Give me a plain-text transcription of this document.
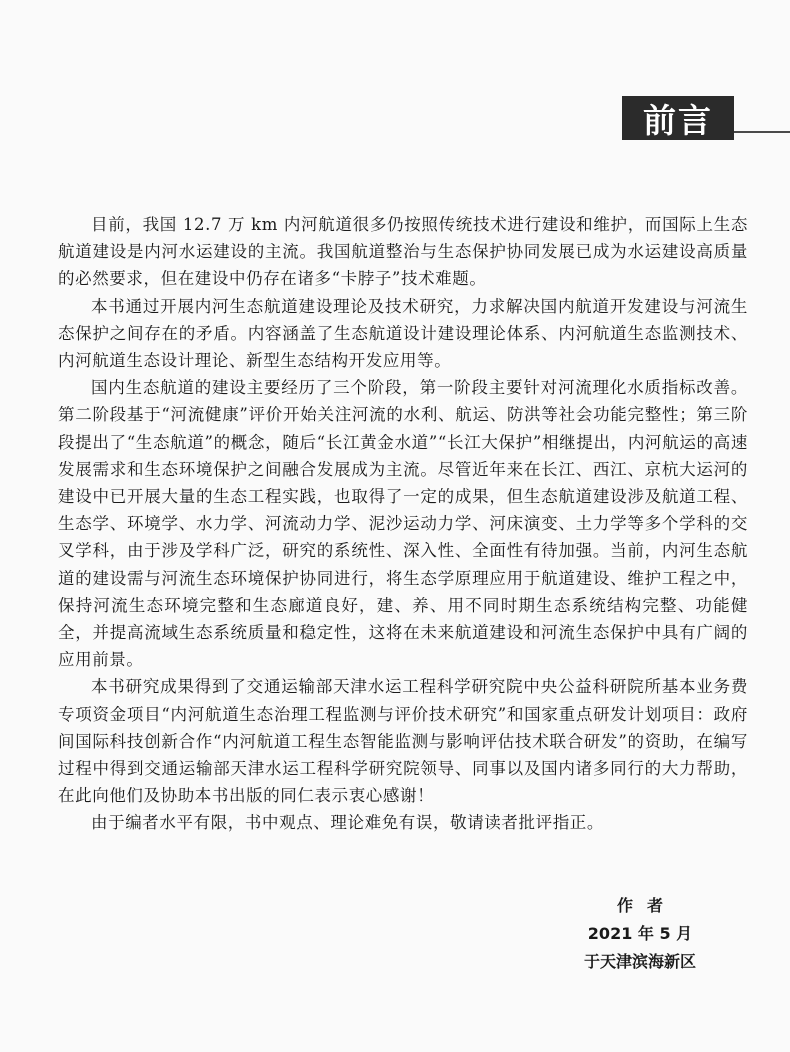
前言

目前，我国 12.7 万 km 内河航道很多仍按照传统技术进行建设和维护，而国际上生态航道建设是内河水运建设的主流。我国航道整治与生态保护协同发展已成为水运建设高质量的必然要求，但在建设中仍存在诸多“卡脖子”技术难题。

本书通过开展内河生态航道建设理论及技术研究，力求解决国内航道开发建设与河流生态保护之间存在的矛盾。内容涵盖了生态航道设计建设理论体系、内河航道生态监测技术、内河航道生态设计理论、新型生态结构开发应用等。

国内生态航道的建设主要经历了三个阶段，第一阶段主要针对河流理化水质指标改善。第二阶段基于“河流健康”评价开始关注河流的水利、航运、防洪等社会功能完整性；第三阶段提出了“生态航道”的概念，随后“长江黄金水道”“长江大保护”相继提出，内河航运的高速发展需求和生态环境保护之间融合发展成为主流。尽管近年来在长江、西江、京杭大运河的建设中已开展大量的生态工程实践，也取得了一定的成果，但生态航道建设涉及航道工程、生态学、环境学、水力学、河流动力学、泥沙运动力学、河床演变、土力学等多个学科的交叉学科，由于涉及学科广泛，研究的系统性、深入性、全面性有待加强。当前，内河生态航道的建设需与河流生态环境保护协同进行，将生态学原理应用于航道建设、维护工程之中，保持河流生态环境完整和生态廊道良好，建、养、用不同时期生态系统结构完整、功能健全，并提高流域生态系统质量和稳定性，这将在未来航道建设和河流生态保护中具有广阔的应用前景。

本书研究成果得到了交通运输部天津水运工程科学研究院中央公益科研院所基本业务费专项资金项目“内河航道生态治理工程监测与评价技术研究”和国家重点研发计划项目：政府间国际科技创新合作“内河航道工程生态智能监测与影响评估技术联合研发”的资助，在编写过程中得到交通运输部天津水运工程科学研究院领导、同事以及国内诸多同行的大力帮助，在此向他们及协助本书出版的同仁表示衷心感谢！

由于编者水平有限，书中观点、理论难免有误，敬请读者批评指正。

作者
2021 年 5 月
于天津滨海新区
